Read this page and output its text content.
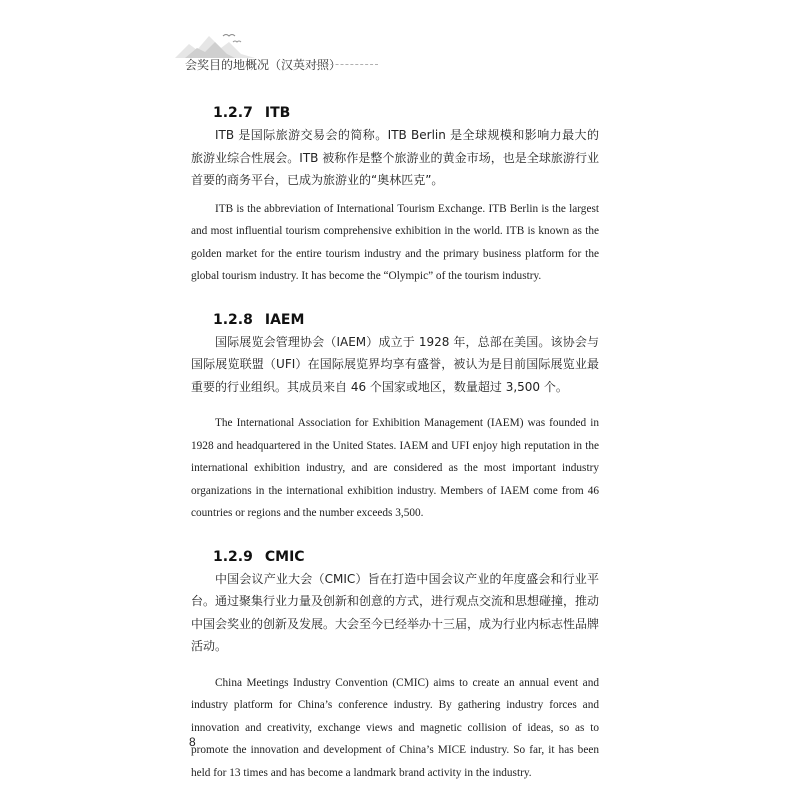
会奖目的地概况（汉英对照）
1.2.7 ITB

ITB 是国际旅游交易会的简称。ITB Berlin 是全球规模和影响力最大的旅游业综合性展会。ITB 被称作是整个旅游业的黄金市场，也是全球旅游行业首要的商务平台，已成为旅游业的“奥林匹克”。

ITB is the abbreviation of International Tourism Exchange. ITB Berlin is the largest and most influential tourism comprehensive exhibition in the world. ITB is known as the golden market for the entire tourism industry and the primary business platform for the global tourism industry. It has become the “Olympic” of the tourism industry.

1.2.8 IAEM

国际展览会管理协会（IAEM）成立于 1928 年，总部在美国。该协会与国际展览联盟（UFI）在国际展览界均享有盛誉，被认为是目前国际展览业最重要的行业组织。其成员来自 46 个国家或地区，数量超过 3,500 个。

The International Association for Exhibition Management (IAEM) was founded in 1928 and headquartered in the United States. IAEM and UFI enjoy high reputation in the international exhibition industry, and are considered as the most important industry organizations in the international exhibition industry. Members of IAEM come from 46 countries or regions and the number exceeds 3,500.

1.2.9 CMIC

中国会议产业大会（CMIC）旨在打造中国会议产业的年度盛会和行业平台。通过聚集行业力量及创新和创意的方式，进行观点交流和思想碰撞，推动中国会奖业的创新及发展。大会至今已经举办十三届，成为行业内标志性品牌活动。

China Meetings Industry Convention (CMIC) aims to create an annual event and industry platform for China’s conference industry. By gathering industry forces and innovation and creativity, exchange views and magnetic collision of ideas, so as to promote the innovation and development of China’s MICE industry. So far, it has been held for 13 times and has become a landmark brand activity in the industry.

8
